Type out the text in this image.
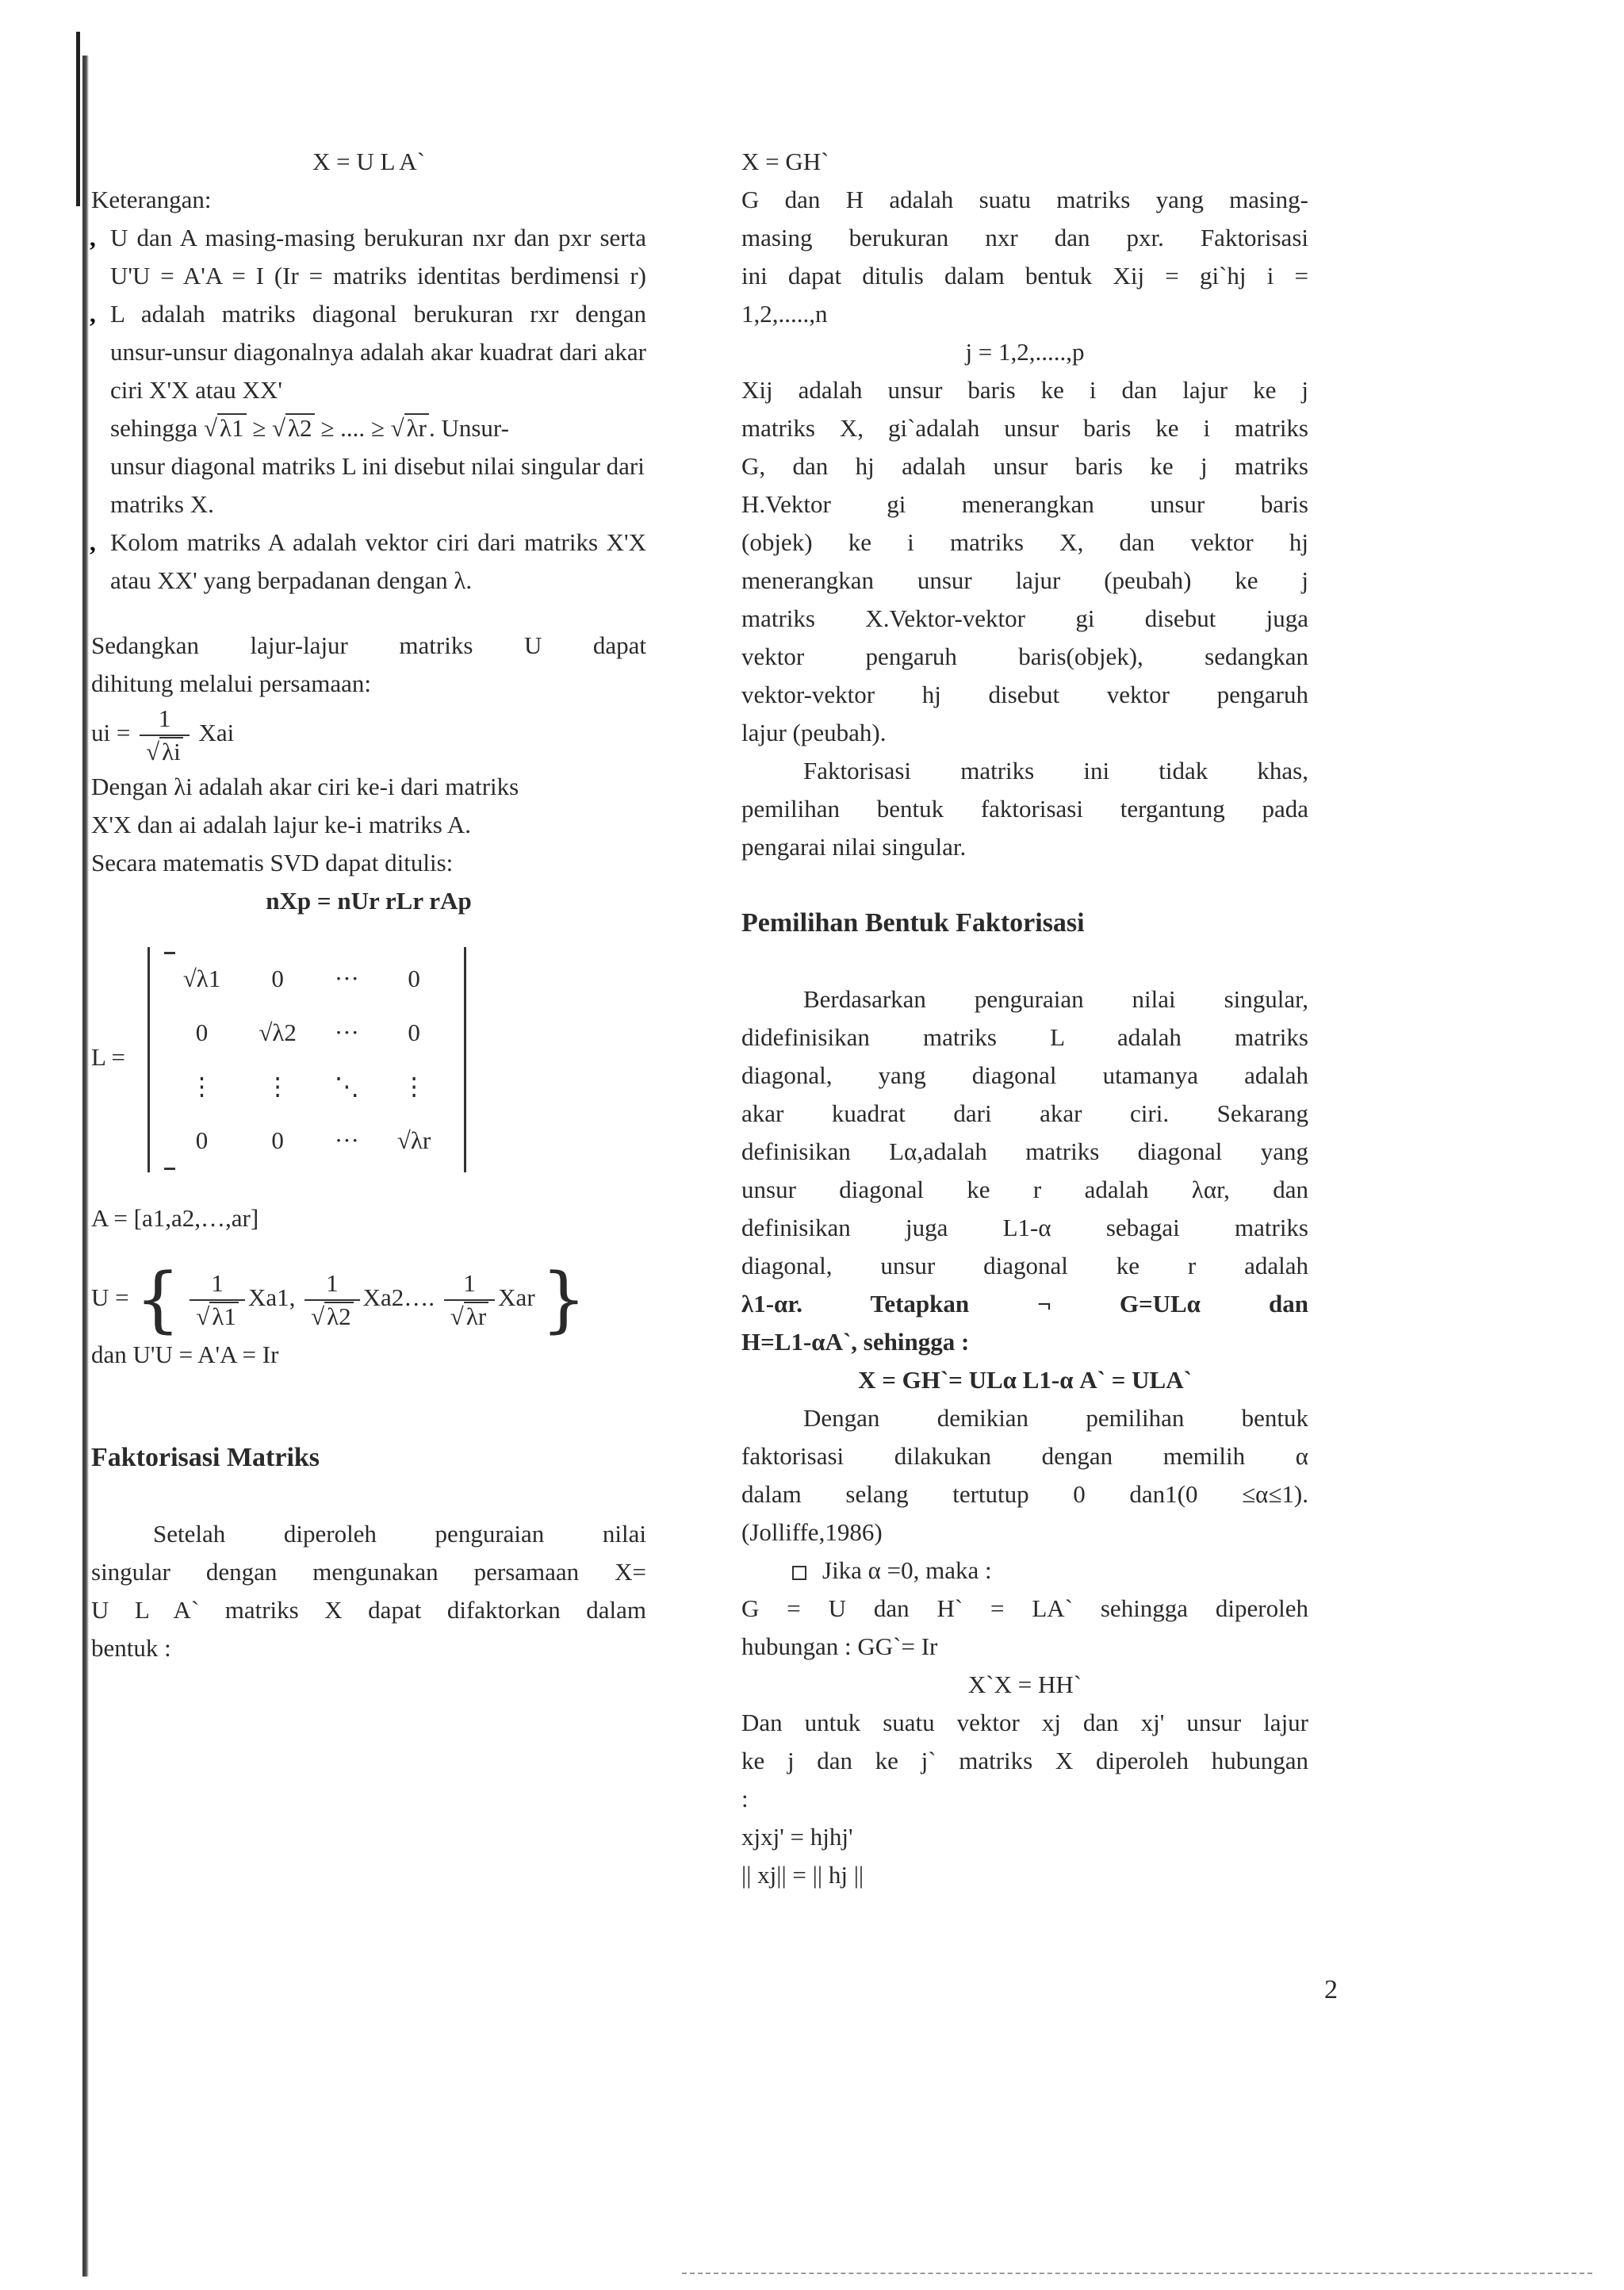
X = U L A`

Keterangan:

, U dan A masing-masing berukuran nxr dan pxr serta U'U = A'A = I (Ir = matriks identitas berdimensi r)
, L adalah matriks diagonal berukuran rxr dengan unsur-unsur diagonalnya adalah akar kuadrat dari akar ciri X'X atau XX'
sehingga √λ1 ≥ √λ2 ≥ .... ≥ √λr. Unsur-
unsur diagonal matriks L ini disebut nilai singular dari matriks X.
, Kolom matriks A adalah vektor ciri dari matriks X'X atau XX' yang berpadanan dengan λ.

Sedangkan lajur-lajur matriks U dapat

dihitung melalui persamaan:

ui = $\frac{1}{√\lambda i}$ Xai

Dengan λi adalah akar ciri ke-i dari matriks

X'X dan ai adalah lajur ke-i matriks A.

Secara matematis SVD dapat ditulis:

nXp = nUr rLr rAp

L =
√λ1	0	···	0
0	√λ2	···	0
⋮	⋮	⋱	⋮
0	0	···	√λr

A = [a1,a2,…,ar]

U = { $\frac{1}{√\lambda 1} Xa1$, $\frac{1}{√\lambda 2}$ Xa2…. $\frac{1}{√\lambda r}$ Xar }

dan U'U = A'A = Ir

Faktorisasi Matriks

Setelah diperoleh penguraian nilai

singular dengan mengunakan persamaan X=

U L A` matriks X dapat difaktorkan dalam

bentuk :

X = GH`

G dan H adalah suatu matriks yang masing-

masing berukuran nxr dan pxr. Faktorisasi

ini dapat ditulis dalam bentuk Xij = gi`hj i =

1,2,.....,n

j = 1,2,.....,p

Xij adalah unsur baris ke i dan lajur ke j

matriks X, gi`adalah unsur baris ke i matriks

G, dan hj adalah unsur baris ke j matriks

H.Vektor gi menerangkan unsur baris

(objek) ke i matriks X, dan vektor hj

menerangkan unsur lajur (peubah) ke j

matriks X.Vektor-vektor gi disebut juga

vektor pengaruh baris(objek), sedangkan

vektor-vektor hj disebut vektor pengaruh

lajur (peubah).

Faktorisasi matriks ini tidak khas,

pemilihan bentuk faktorisasi tergantung pada

pengarai nilai singular.

Pemilihan Bentuk Faktorisasi

Berdasarkan penguraian nilai singular,

didefinisikan matriks L adalah matriks

diagonal, yang diagonal utamanya adalah

akar kuadrat dari akar ciri. Sekarang

definisikan Lα,adalah matriks diagonal yang

unsur diagonal ke r adalah λαr, dan

definisikan juga L1-α sebagai matriks

diagonal, unsur diagonal ke r adalah

λ1-αr. Tetapkan ¬ G=ULα dan

H=L1-αA`, sehingga :

X = GH`= ULα L1-α A` = ULA`

Dengan demikian pemilihan bentuk

faktorisasi dilakukan dengan memilih α

dalam selang tertutup 0 dan1(0 ≤α≤1).

(Jolliffe,1986)

Jika α =0, maka :

G = U dan H` = LA` sehingga diperoleh

hubungan : GG`= Ir

X`X = HH`

Dan untuk suatu vektor xj dan xj' unsur lajur

ke j dan ke j` matriks X diperoleh hubungan

:

xjxj' = hjhj'

|| xj|| = || hj ||

2
